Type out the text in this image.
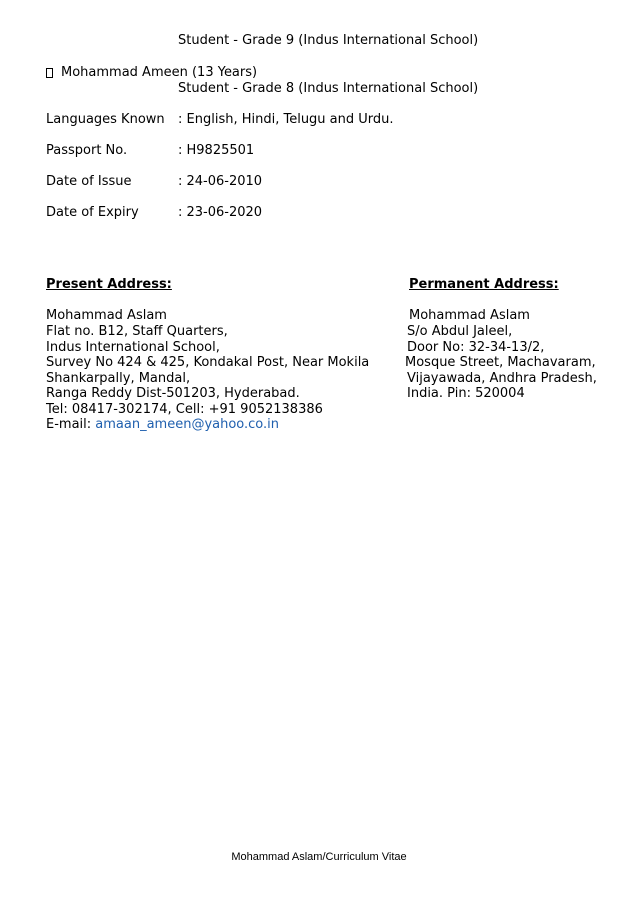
Student - Grade 9 (Indus International School)
Mohammad Ameen (13 Years)
Student - Grade 8 (Indus International School)
Languages Known : English, Hindi, Telugu and Urdu.
Passport No.	: H9825501
Date of Issue	: 24-06-2010
Date of Expiry	: 23-06-2020
Present Address:
Mohammad Aslam
Flat no. B12, Staff Quarters,
Indus International School,
Survey No 424 & 425, Kondakal Post, Near Mokila
Shankarpally, Mandal,
Ranga Reddy Dist-501203, Hyderabad.
Tel: 08417-302174, Cell: +91 9052138386
E-mail: amaan_ameen@yahoo.co.in
Permanent Address:
Mohammad Aslam
S/o Abdul Jaleel,
Door No: 32-34-13/2,
Mosque Street, Machavaram,
Vijayawada, Andhra Pradesh,
India. Pin: 520004
Mohammad Aslam/Curriculum Vitae
